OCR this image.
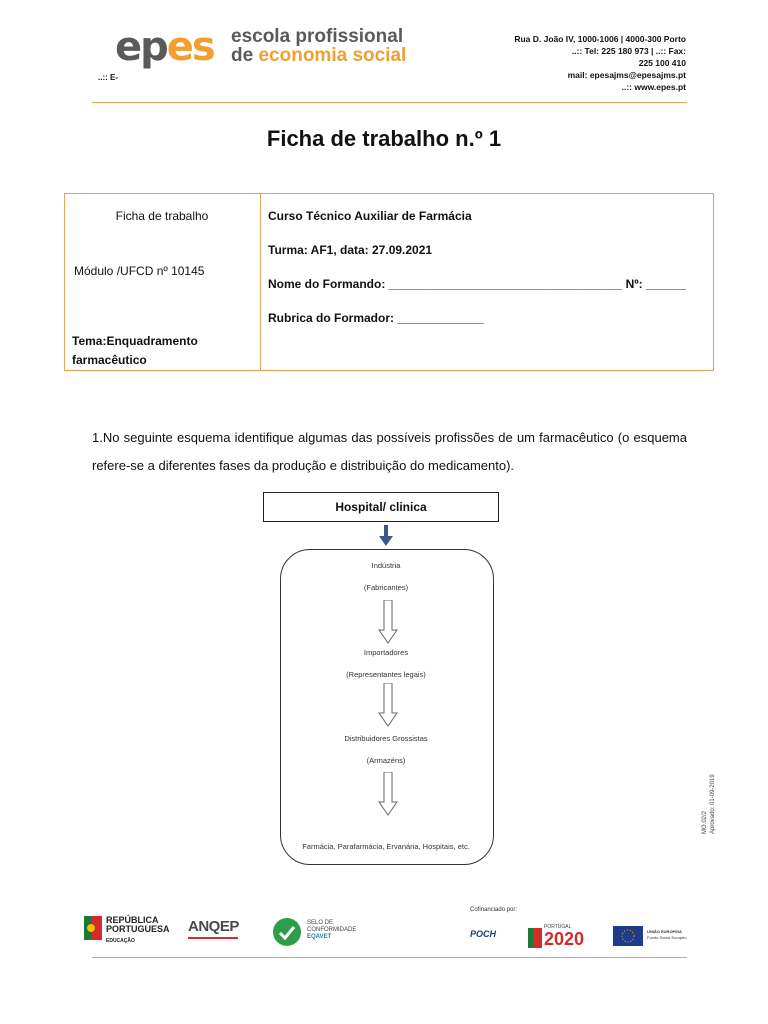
epes escola profissional
de economia social
..:: E-
Rua D. João IV, 1000-1006 | 4000-300 Porto
..:: Tel: 225 180 973 | ..:: Fax:
225 100 410
mail: epesajms@epesajms.pt
..:: www.epes.pt
Ficha de trabalho n.º 1
Ficha de trabalho
Módulo /UFCD nº 10145
Tema:Enquadramento
farmacêutico
Curso Técnico Auxiliar de Farmácia
Turma: AF1, data: 27.09.2021
Nome do Formando: ___________________________________ Nº: ______
Rubrica do Formador: _____________
1.No seguinte esquema identifique algumas das possíveis profissões de um farmacêutico (o esquema refere-se a diferentes fases da produção e distribuição do medicamento).
Hospital/ clinica
Indústria
(Fabricantes)
Importadores
(Representantes legais)
Distribuidores Grossistas
(Armazéns)
Farmácia, Parafarmácia, Ervanária, Hospitais, etc.
MO.02/2 Aprovado: 01-09-2019
REPÚBLICA
PORTUGUESA
EDUCAÇÃO
ANQEP	SELO DE
CONFORMIDADE
EQAVET
Cofinanciado por:
POCH
PORTUGAL
2020	UNIÃO EUROPEIA
Fundo Social Europeu
